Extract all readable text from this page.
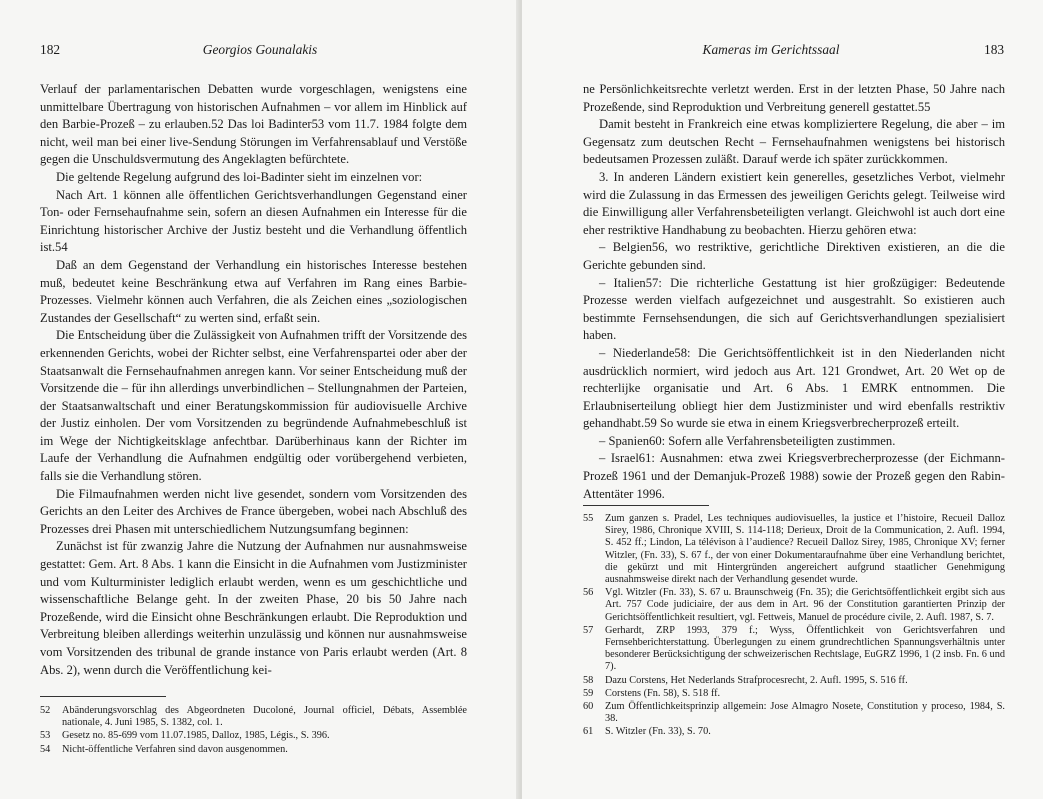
182	Georgios Gounalakis

Verlauf der parlamentarischen Debatten wurde vorgeschlagen, wenigstens eine unmittelbare Übertragung von historischen Aufnahmen – vor allem im Hinblick auf den Barbie-Prozeß – zu erlauben.52 Das loi Badinter53 vom 11.7. 1984 folgte dem nicht, weil man bei einer live-Sendung Störungen im Verfahrensablauf und Verstöße gegen die Unschuldsvermutung des Angeklagten befürchtete.

Die geltende Regelung aufgrund des loi-Badinter sieht im einzelnen vor:

Nach Art. 1 können alle öffentlichen Gerichtsverhandlungen Gegenstand einer Ton- oder Fernsehaufnahme sein, sofern an diesen Aufnahmen ein Interesse für die Einrichtung historischer Archive der Justiz besteht und die Verhandlung öffentlich ist.54

Daß an dem Gegenstand der Verhandlung ein historisches Interesse bestehen muß, bedeutet keine Beschränkung etwa auf Verfahren im Rang eines Barbie-Prozesses. Vielmehr können auch Verfahren, die als Zeichen eines „soziologischen Zustandes der Gesellschaft“ zu werten sind, erfaßt sein.

Die Entscheidung über die Zulässigkeit von Aufnahmen trifft der Vorsitzende des erkennenden Gerichts, wobei der Richter selbst, eine Verfahrenspartei oder aber der Staatsanwalt die Fernsehaufnahmen anregen kann. Vor seiner Entscheidung muß der Vorsitzende die – für ihn allerdings unverbindlichen – Stellungnahmen der Parteien, der Staatsanwaltschaft und einer Beratungskommission für audiovisuelle Archive der Justiz einholen. Der vom Vorsitzenden zu begründende Aufnahmebeschluß ist im Wege der Nichtigkeitsklage anfechtbar. Darüberhinaus kann der Richter im Laufe der Verhandlung die Aufnahmen endgültig oder vorübergehend verbieten, falls sie die Verhandlung stören.

Die Filmaufnahmen werden nicht live gesendet, sondern vom Vorsitzenden des Gerichts an den Leiter des Archives de France übergeben, wobei nach Abschluß des Prozesses drei Phasen mit unterschiedlichem Nutzungsumfang beginnen:

Zunächst ist für zwanzig Jahre die Nutzung der Aufnahmen nur ausnahmsweise gestattet: Gem. Art. 8 Abs. 1 kann die Einsicht in die Aufnahmen vom Justizminister und vom Kulturminister lediglich erlaubt werden, wenn es um geschichtliche und wissenschaftliche Belange geht. In der zweiten Phase, 20 bis 50 Jahre nach Prozeßende, wird die Einsicht ohne Beschränkungen erlaubt. Die Reproduktion und Verbreitung bleiben allerdings weiterhin unzulässig und können nur ausnahmsweise vom Vorsitzenden des tribunal de grande instance von Paris erlaubt werden (Art. 8 Abs. 2), wenn durch die Veröffentlichung kei-

52	Abänderungsvorschlag des Abgeordneten Ducoloné, Journal officiel, Débats, Assemblée nationale, 4. Juni 1985, S. 1382, col. 1.
53	Gesetz no. 85-699 vom 11.07.1985, Dalloz, 1985, Légis., S. 396.
54	Nicht-öffentliche Verfahren sind davon ausgenommen.
Kameras im Gerichtssaal	183

ne Persönlichkeitsrechte verletzt werden. Erst in der letzten Phase, 50 Jahre nach Prozeßende, sind Reproduktion und Verbreitung generell gestattet.55

Damit besteht in Frankreich eine etwas kompliziertere Regelung, die aber – im Gegensatz zum deutschen Recht – Fernsehaufnahmen wenigstens bei historisch bedeutsamen Prozessen zuläßt. Darauf werde ich später zurückkommen.

3. In anderen Ländern existiert kein generelles, gesetzliches Verbot, vielmehr wird die Zulassung in das Ermessen des jeweiligen Gerichts gelegt. Teilweise wird die Einwilligung aller Verfahrensbeteiligten verlangt. Gleichwohl ist auch dort eine eher restriktive Handhabung zu beobachten. Hierzu gehören etwa:

– Belgien56, wo restriktive, gerichtliche Direktiven existieren, an die die Gerichte gebunden sind.

– Italien57: Die richterliche Gestattung ist hier großzügiger: Bedeutende Prozesse werden vielfach aufgezeichnet und ausgestrahlt. So existieren auch bestimmte Fernsehsendungen, die sich auf Gerichtsverhandlungen spezialisiert haben.

– Niederlande58: Die Gerichtsöffentlichkeit ist in den Niederlanden nicht ausdrücklich normiert, wird jedoch aus Art. 121 Grondwet, Art. 20 Wet op de rechterlijke organisatie und Art. 6 Abs. 1 EMRK entnommen. Die Erlaubniserteilung obliegt hier dem Justizminister und wird ebenfalls restriktiv gehandhabt.59 So wurde sie etwa in einem Kriegsverbrecherprozeß erteilt.

– Spanien60: Sofern alle Verfahrensbeteiligten zustimmen.

– Israel61: Ausnahmen: etwa zwei Kriegsverbrecherprozesse (der Eichmann-Prozeß 1961 und der Demanjuk-Prozeß 1988) sowie der Prozeß gegen den Rabin-Attentäter 1996.

55	Zum ganzen s. Pradel, Les techniques audiovisuelles, la justice et l’histoire, Recueil Dalloz Sirey, 1986, Chronique XVIII, S. 114-118; Derieux, Droit de la Communication, 2. Aufl. 1994, S. 452 ff.; Lindon, La télévison à l’audience? Recueil Dalloz Sirey, 1985, Chronique XV; ferner Witzler, (Fn. 33), S. 67 f., der von einer Dokumentaraufnahme über eine Verhandlung berichtet, die gekürzt und mit Hintergründen angereichert aufgrund staatlicher Genehmigung ausnahmsweise direkt nach der Verhandlung gesendet wurde.
56	Vgl. Witzler (Fn. 33), S. 67 u. Braunschweig (Fn. 35); die Gerichtsöffentlichkeit ergibt sich aus Art. 757 Code judiciaire, der aus dem in Art. 96 der Constitution garantierten Prinzip der Gerichtsöffentlichkeit resultiert, vgl. Fettweis, Manuel de procédure civile, 2. Aufl. 1987, S. 7.
57	Gerhardt, ZRP 1993, 379 f.; Wyss, Öffentlichkeit von Gerichtsverfahren und Fernsehberichterstattung. Überlegungen zu einem grundrechtlichen Spannungsverhältnis unter besonderer Berücksichtigung der schweizerischen Rechtslage, EuGRZ 1996, 1 (2 insb. Fn. 6 und 7).
58	Dazu Corstens, Het Nederlands Strafprocesrecht, 2. Aufl. 1995, S. 516 ff.
59	Corstens (Fn. 58), S. 518 ff.
60	Zum Öffentlichkeitsprinzip allgemein: Jose Almagro Nosete, Constitution y proceso, 1984, S. 38.
61	S. Witzler (Fn. 33), S. 70.
